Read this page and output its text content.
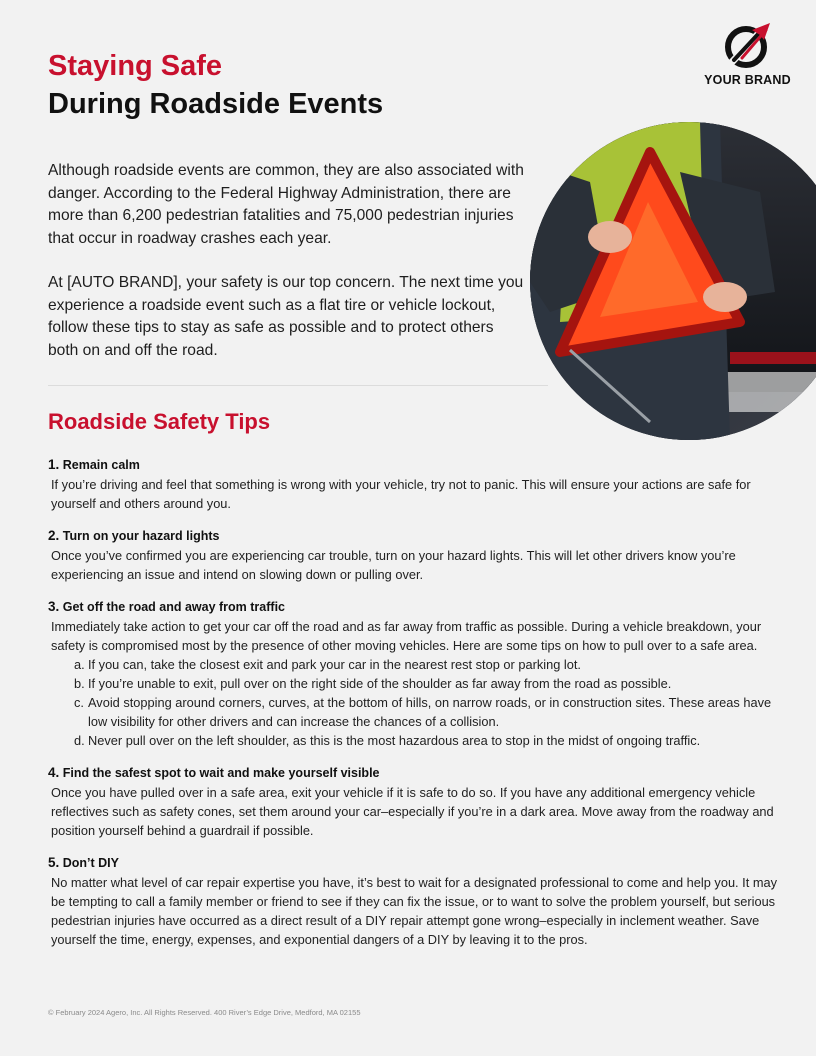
Staying Safe
During Roadside Events
YOUR BRAND

Although roadside events are common, they are also associated with danger. According to the Federal Highway Administration, there are more than 6,200 pedestrian fatalities and 75,000 pedestrian injuries that occur in roadway crashes each year.

At [AUTO BRAND], your safety is our top concern. The next time you experience a roadside event such as a flat tire or vehicle lockout, follow these tips to stay as safe as possible and to protect others both on and off the road.

Roadside Safety Tips
1. Remain calm
If you’re driving and feel that something is wrong with your vehicle, try not to panic. This will ensure your actions are safe for yourself and others around you.
2. Turn on your hazard lights
Once you’ve confirmed you are experiencing car trouble, turn on your hazard lights. This will let other drivers know you’re experiencing an issue and intend on slowing down or pulling over.
3. Get off the road and away from traffic
Immediately take action to get your car off the road and as far away from traffic as possible. During a vehicle breakdown, your safety is compromised most by the presence of other moving vehicles. Here are some tips on how to pull over to a safe area.
a. If you can, take the closest exit and park your car in the nearest rest stop or parking lot.
b. If you’re unable to exit, pull over on the right side of the shoulder as far away from the road as possible.
c. Avoid stopping around corners, curves, at the bottom of hills, on narrow roads, or in construction sites. These areas have low visibility for other drivers and can increase the chances of a collision.
d. Never pull over on the left shoulder, as this is the most hazardous area to stop in the midst of ongoing traffic.
4. Find the safest spot to wait and make yourself visible
Once you have pulled over in a safe area, exit your vehicle if it is safe to do so. If you have any additional emergency vehicle reflectives such as safety cones, set them around your car–especially if you’re in a dark area. Move away from the roadway and position yourself behind a guardrail if possible.
5. Don’t DIY
No matter what level of car repair expertise you have, it’s best to wait for a designated professional to come and help you. It may be tempting to call a family member or friend to see if they can fix the issue, or to want to solve the problem yourself, but serious pedestrian injuries have occurred as a direct result of a DIY repair attempt gone wrong–especially in inclement weather. Save yourself the time, energy, expenses, and exponential dangers of a DIY by leaving it to the pros.
© February 2024 Agero, Inc. All Rights Reserved. 400 River’s Edge Drive, Medford, MA 02155
